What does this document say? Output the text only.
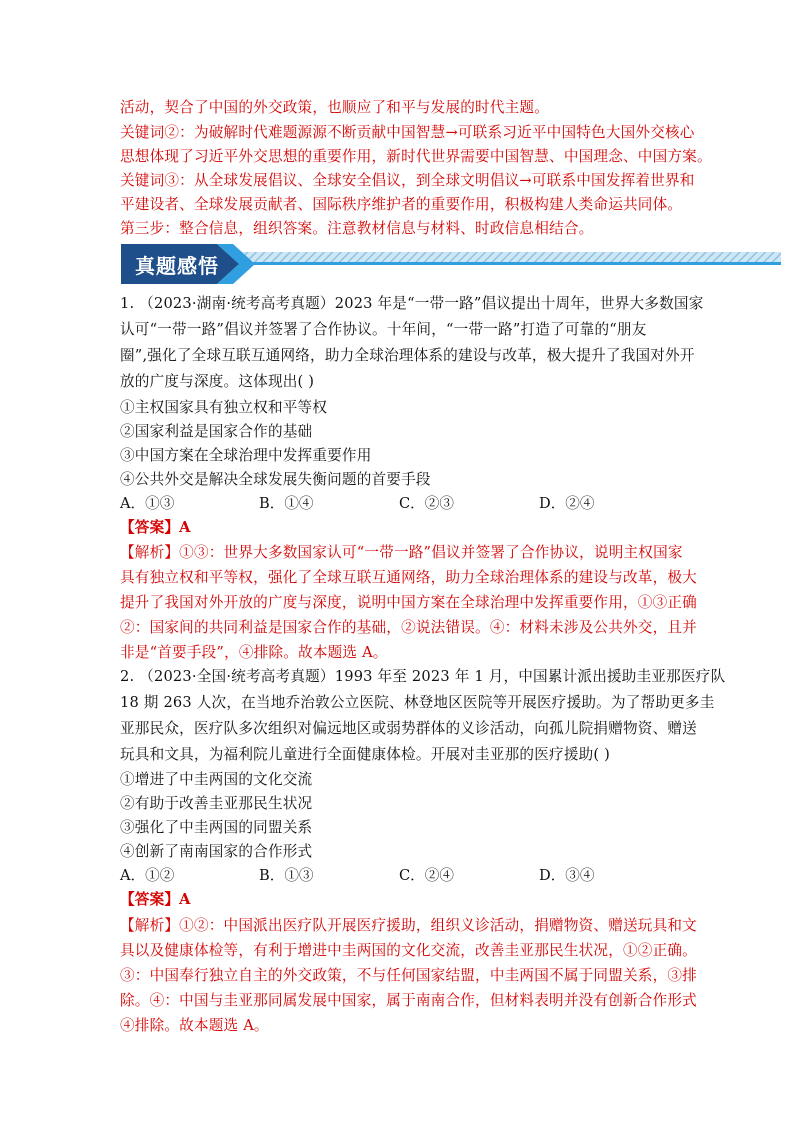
活动，契合了中国的外交政策，也顺应了和平与发展的时代主题。
关键词②：为破解时代难题源源不断贡献中国智慧→可联系习近平中国特色大国外交核心
思想体现了习近平外交思想的重要作用，新时代世界需要中国智慧、中国理念、中国方案。
关键词③：从全球发展倡议、全球安全倡议，到全球文明倡议→可联系中国发挥着世界和
平建设者、全球发展贡献者、国际秩序维护者的重要作用，积极构建人类命运共同体。
第三步：整合信息，组织答案。注意教材信息与材料、时政信息相结合。
真题感悟
1. （2023·湖南·统考高考真题）2023 年是“一带一路”倡议提出十周年，世界大多数国家
认可“一带一路”倡议并签署了合作协议。十年间，“一带一路”打造了可靠的“朋友
圈”,强化了全球互联互通网络，助力全球治理体系的建设与改革，极大提升了我国对外开
放的广度与深度。这体现出( )
①主权国家具有独立权和平等权
②国家利益是国家合作的基础
③中国方案在全球治理中发挥重要作用
④公共外交是解决全球发展失衡问题的首要手段
A．①③	B．①④	C．②③	D．②④
【答案】A
【解析】①③：世界大多数国家认可“一带一路”倡议并签署了合作协议，说明主权国家
具有独立权和平等权，强化了全球互联互通网络，助力全球治理体系的建设与改革，极大
提升了我国对外开放的广度与深度，说明中国方案在全球治理中发挥重要作用，①③正确
②：国家间的共同利益是国家合作的基础，②说法错误。④：材料未涉及公共外交，且并
非是“首要手段”，④排除。故本题选 A。
2. （2023·全国·统考高考真题）1993 年至 2023 年 1 月，中国累计派出援助圭亚那医疗队
18 期 263 人次，在当地乔治敦公立医院、林登地区医院等开展医疗援助。为了帮助更多圭
亚那民众，医疗队多次组织对偏远地区或弱势群体的义诊活动，向孤儿院捐赠物资、赠送
玩具和文具，为福利院儿童进行全面健康体检。开展对圭亚那的医疗援助( )
①增进了中圭两国的文化交流
②有助于改善圭亚那民生状况
③强化了中圭两国的同盟关系
④创新了南南国家的合作形式
A．①②	B．①③	C．②④	D．③④
【答案】A
【解析】①②：中国派出医疗队开展医疗援助，组织义诊活动，捐赠物资、赠送玩具和文
具以及健康体检等，有利于增进中圭两国的文化交流，改善圭亚那民生状况，①②正确。
③：中国奉行独立自主的外交政策，不与任何国家结盟，中圭两国不属于同盟关系，③排
除。④：中国与圭亚那同属发展中国家，属于南南合作，但材料表明并没有创新合作形式
④排除。故本题选 A。
